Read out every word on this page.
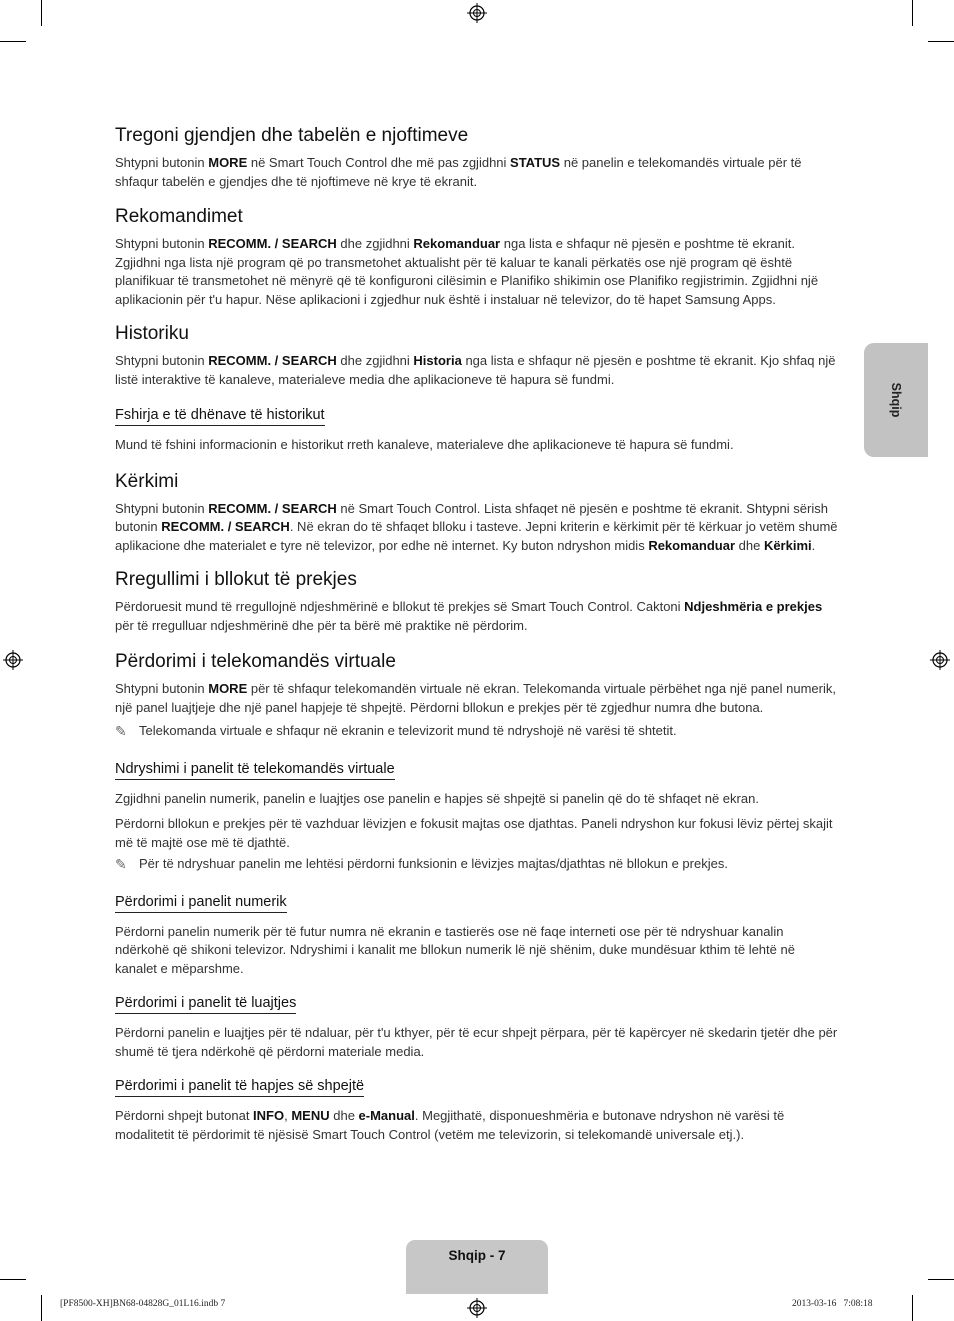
Shqip
Tregoni gjendjen dhe tabelën e njoftimeve

Shtypni butonin MORE në Smart Touch Control dhe më pas zgjidhni STATUS në panelin e telekomandës virtuale për të shfaqur tabelën e gjendjes dhe të njoftimeve në krye të ekranit.

Rekomandimet

Shtypni butonin RECOMM. / SEARCH dhe zgjidhni Rekomanduar nga lista e shfaqur në pjesën e poshtme të ekranit. Zgjidhni nga lista një program që po transmetohet aktualisht për të kaluar te kanali përkatës ose një program që është planifikuar të transmetohet në mënyrë që të konfiguroni cilësimin e Planifiko shikimin ose Planifiko regjistrimin. Zgjidhni një aplikacionin për t'u hapur. Nëse aplikacioni i zgjedhur nuk është i instaluar në televizor, do të hapet Samsung Apps.

Historiku

Shtypni butonin RECOMM. / SEARCH dhe zgjidhni Historia nga lista e shfaqur në pjesën e poshtme të ekranit. Kjo shfaq një listë interaktive të kanaleve, materialeve media dhe aplikacioneve të hapura së fundmi.

Fshirja e të dhënave të historikut

Mund të fshini informacionin e historikut rreth kanaleve, materialeve dhe aplikacioneve të hapura së fundmi.

Kërkimi

Shtypni butonin RECOMM. / SEARCH në Smart Touch Control. Lista shfaqet në pjesën e poshtme të ekranit. Shtypni sërish butonin RECOMM. / SEARCH. Në ekran do të shfaqet blloku i tasteve. Jepni kriterin e kërkimit për të kërkuar jo vetëm shumë aplikacione dhe materialet e tyre në televizor, por edhe në internet. Ky buton ndryshon midis Rekomanduar dhe Kërkimi.

Rregullimi i bllokut të prekjes

Përdoruesit mund të rregullojnë ndjeshmërinë e bllokut të prekjes së Smart Touch Control. Caktoni Ndjeshmëria e prekjes për të rregulluar ndjeshmërinë dhe për ta bërë më praktike në përdorim.

Përdorimi i telekomandës virtuale

Shtypni butonin MORE për të shfaqur telekomandën virtuale në ekran. Telekomanda virtuale përbëhet nga një panel numerik, një panel luajtjeje dhe një panel hapjeje të shpejtë. Përdorni bllokun e prekjes për të zgjedhur numra dhe butona.

✎ Telekomanda virtuale e shfaqur në ekranin e televizorit mund të ndryshojë në varësi të shtetit.

Ndryshimi i panelit të telekomandës virtuale

Zgjidhni panelin numerik, panelin e luajtjes ose panelin e hapjes së shpejtë si panelin që do të shfaqet në ekran.

Përdorni bllokun e prekjes për të vazhduar lëvizjen e fokusit majtas ose djathtas. Paneli ndryshon kur fokusi lëviz përtej skajit më të majtë ose më të djathtë.

✎ Për të ndryshuar panelin me lehtësi përdorni funksionin e lëvizjes majtas/djathtas në bllokun e prekjes.

Përdorimi i panelit numerik

Përdorni panelin numerik për të futur numra në ekranin e tastierës ose në faqe interneti ose për të ndryshuar kanalin ndërkohë që shikoni televizor. Ndryshimi i kanalit me bllokun numerik lë një shënim, duke mundësuar kthim të lehtë në kanalet e mëparshme.

Përdorimi i panelit të luajtjes

Përdorni panelin e luajtjes për të ndaluar, për t'u kthyer, për të ecur shpejt përpara, për të kapërcyer në skedarin tjetër dhe për shumë të tjera ndërkohë që përdorni materiale media.

Përdorimi i panelit të hapjes së shpejtë

Përdorni shpejt butonat INFO, MENU dhe e-Manual. Megjithatë, disponueshmëria e butonave ndryshon në varësi të modalitetit të përdorimit të njësisë Smart Touch Control (vetëm me televizorin, si telekomandë universale etj.).

Shqip - 7
[PF8500-XH]BN68-04828G_01L16.indb 7	2013-03-16   7:08:18
